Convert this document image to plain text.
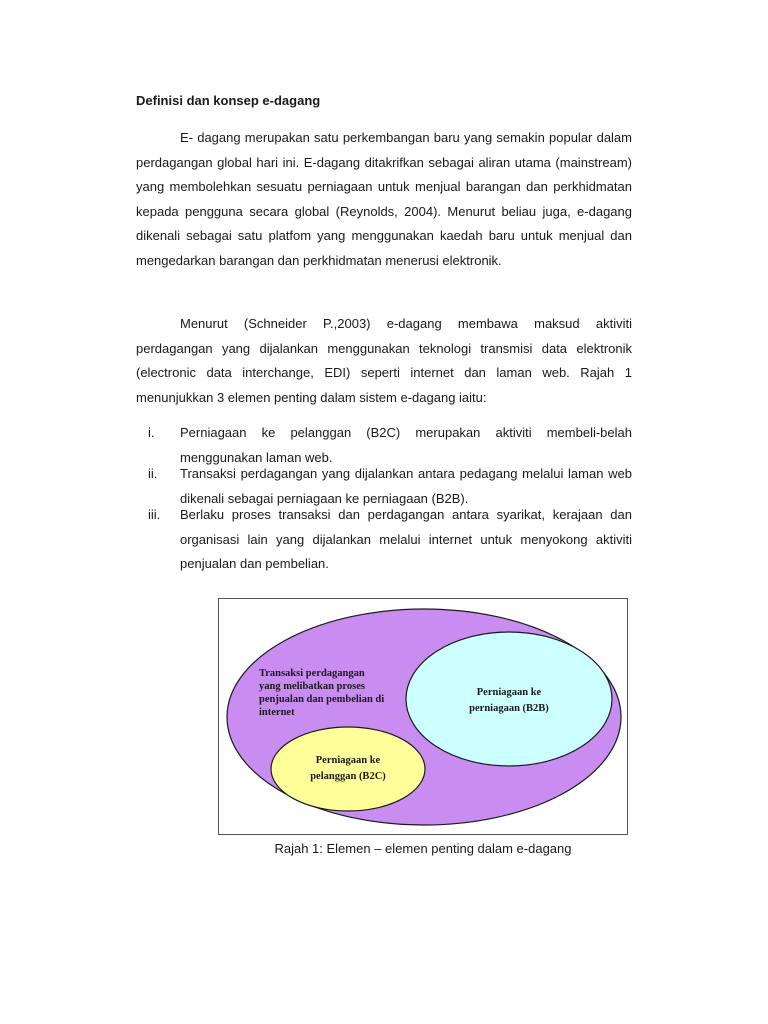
Definisi dan konsep e-dagang

E- dagang merupakan satu perkembangan baru yang semakin popular dalam perdagangan global hari ini. E-dagang ditakrifkan sebagai aliran utama (mainstream) yang membolehkan sesuatu perniagaan untuk menjual barangan dan perkhidmatan kepada pengguna secara global (Reynolds, 2004). Menurut beliau juga, e-dagang dikenali sebagai satu platfom yang menggunakan kaedah baru untuk menjual dan mengedarkan barangan dan perkhidmatan menerusi elektronik.

Menurut (Schneider P.,2003) e-dagang membawa maksud aktiviti perdagangan yang dijalankan menggunakan teknologi transmisi data elektronik (electronic data interchange, EDI) seperti internet dan laman web. Rajah 1 menunjukkan 3 elemen penting dalam sistem e-dagang iaitu:

i.	Perniagaan ke pelanggan (B2C) merupakan aktiviti membeli-belah menggunakan laman web.
ii.	Transaksi perdagangan yang dijalankan antara pedagang melalui laman web dikenali sebagai perniagaan ke perniagaan (B2B).
iii.	Berlaku proses transaksi dan perdagangan antara syarikat, kerajaan dan organisasi lain yang dijalankan melalui internet untuk menyokong aktiviti penjualan dan pembelian.
Transaksi perdagangan
yang melibatkan proses
penjualan dan pembelian di
internet
Perniagaan ke
perniagaan (B2B)
Perniagaan ke
pelanggan (B2C)
Rajah 1: Elemen – elemen penting dalam e-dagang
